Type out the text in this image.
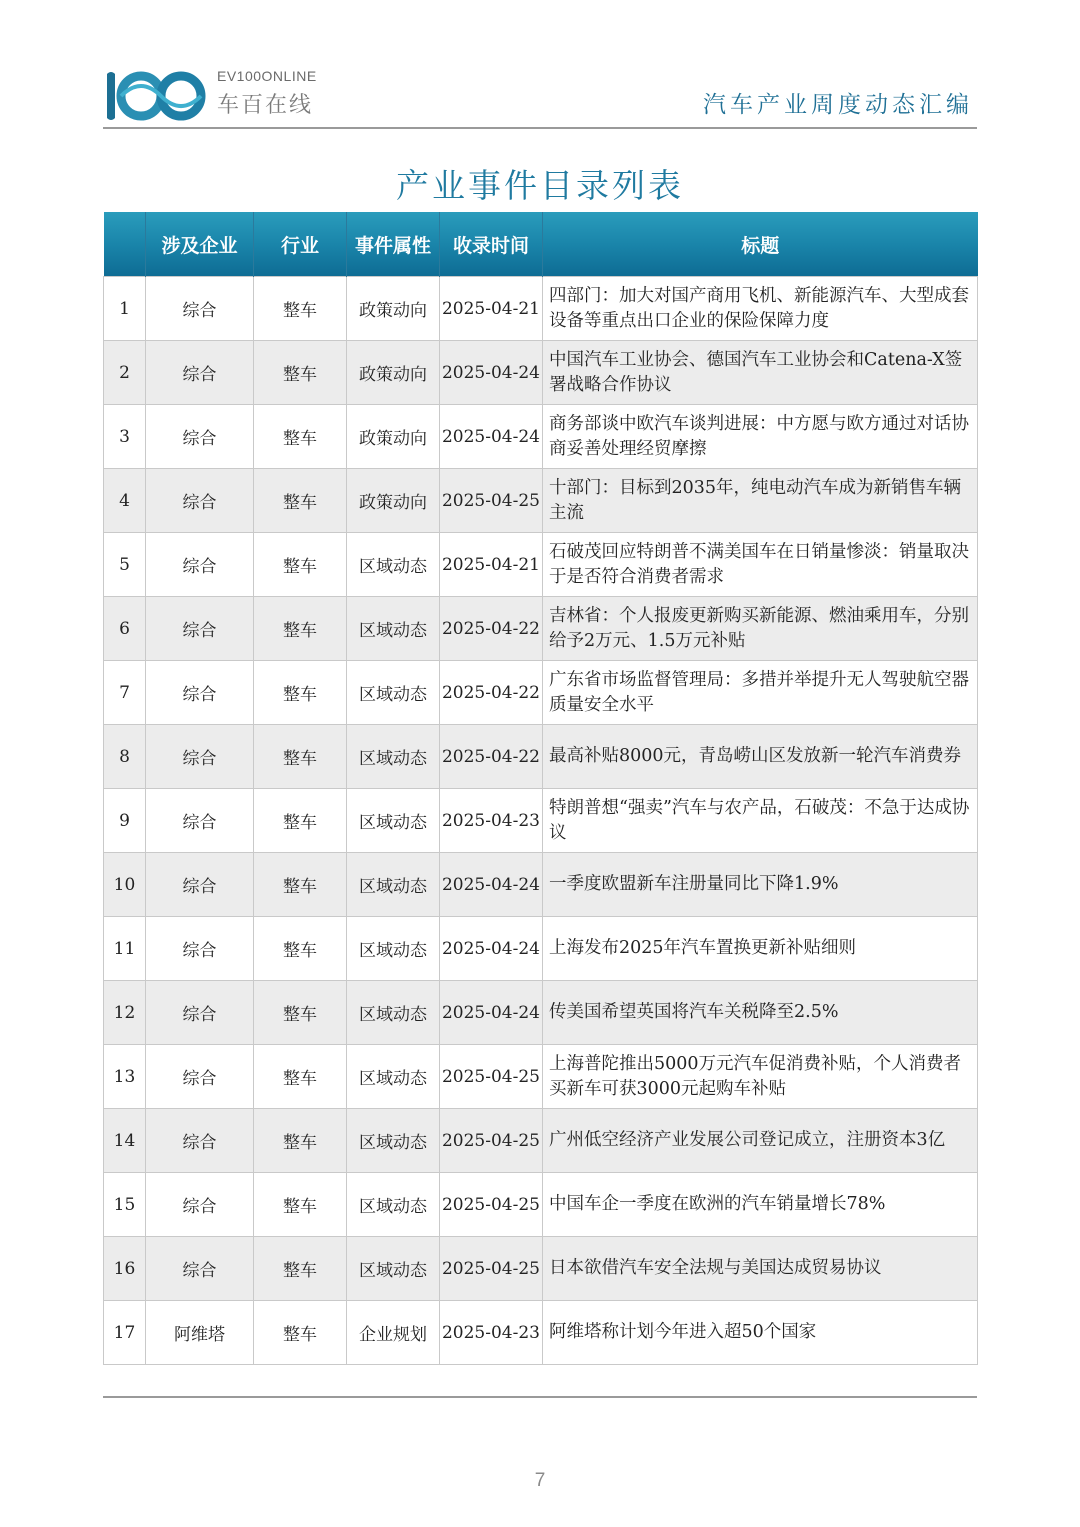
EV100ONLINE
车百在线	汽车产业周度动态汇编
产业事件目录列表
	涉及企业	行业	事件属性	收录时间	标题
1	综合	整车	政策动向	2025-04-21	四部门：加大对国产商用飞机、新能源汽车、大型成套设备等重点出口企业的保险保障力度
2	综合	整车	政策动向	2025-04-24	中国汽车工业协会、德国汽车工业协会和Catena-X签署战略合作协议
3	综合	整车	政策动向	2025-04-24	商务部谈中欧汽车谈判进展：中方愿与欧方通过对话协商妥善处理经贸摩擦
4	综合	整车	政策动向	2025-04-25	十部门：目标到2035年，纯电动汽车成为新销售车辆主流
5	综合	整车	区域动态	2025-04-21	石破茂回应特朗普不满美国车在日销量惨淡：销量取决于是否符合消费者需求
6	综合	整车	区域动态	2025-04-22	吉林省：个人报废更新购买新能源、燃油乘用车，分别给予2万元、1.5万元补贴
7	综合	整车	区域动态	2025-04-22	广东省市场监督管理局：多措并举提升无人驾驶航空器质量安全水平
8	综合	整车	区域动态	2025-04-22	最高补贴8000元，青岛崂山区发放新一轮汽车消费券
9	综合	整车	区域动态	2025-04-23	特朗普想“强卖”汽车与农产品，石破茂：不急于达成协议
10	综合	整车	区域动态	2025-04-24	一季度欧盟新车注册量同比下降1.9%
11	综合	整车	区域动态	2025-04-24	上海发布2025年汽车置换更新补贴细则
12	综合	整车	区域动态	2025-04-24	传美国希望英国将汽车关税降至2.5%
13	综合	整车	区域动态	2025-04-25	上海普陀推出5000万元汽车促消费补贴，个人消费者买新车可获3000元起购车补贴
14	综合	整车	区域动态	2025-04-25	广州低空经济产业发展公司登记成立，注册资本3亿
15	综合	整车	区域动态	2025-04-25	中国车企一季度在欧洲的汽车销量增长78%
16	综合	整车	区域动态	2025-04-25	日本欲借汽车安全法规与美国达成贸易协议
17	阿维塔	整车	企业规划	2025-04-23	阿维塔称计划今年进入超50个国家
7
